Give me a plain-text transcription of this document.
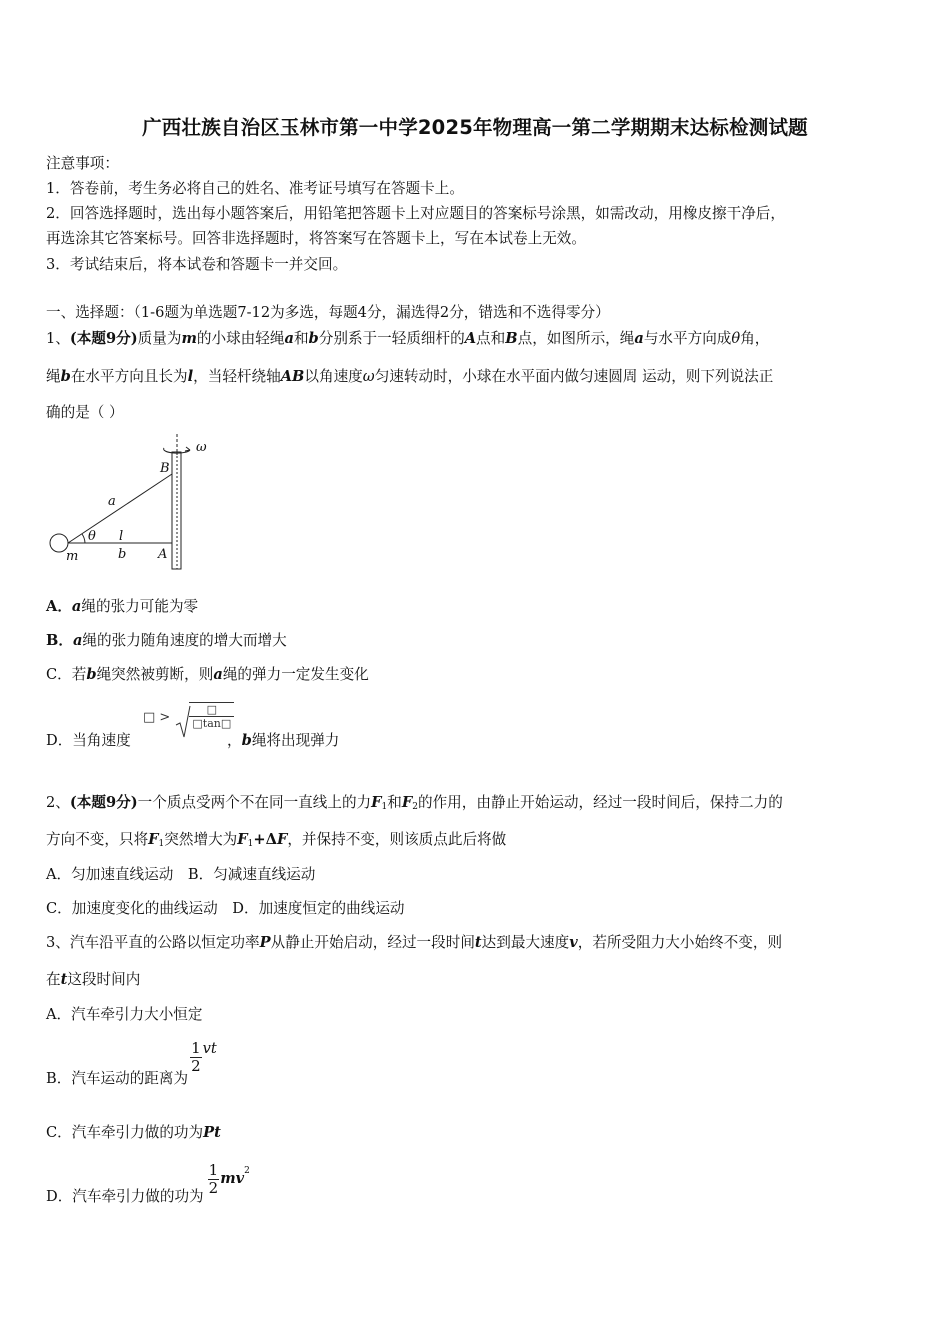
广西壮族自治区玉林市第一中学2025年物理高一第二学期期末达标检测试题
注意事项：
1．答卷前，考生务必将自己的姓名、准考证号填写在答题卡上。
2．回答选择题时，选出每小题答案后，用铅笔把答题卡上对应题目的答案标号涂黑，如需改动，用橡皮擦干净后，
再选涂其它答案标号。回答非选择题时，将答案写在答题卡上，写在本试卷上无效。
3．考试结束后，将本试卷和答题卡一并交回。
一、选择题：（1-6题为单选题7-12为多选，每题4分，漏选得2分，错选和不选得零分）
1、(本题9分)质量为m的小球由轻绳a和b分别系于一轻质细杆的A点和B点，如图所示，绳a与水平方向成θ角，
绳b在水平方向且长为l，当轻杆绕轴AB以角速度ω匀速转动时，小球在水平面内做匀速圆周 运动，则下列说法正
确的是（ ）
ω
B
a
θ l
m	b A
A．a绳的张力可能为零
B．a绳的张力随角速度的增大而增大
C．若b绳突然被剪断，则a绳的弹力一定发生变化
D．当角速度
□ >	□
□tan□
，b绳将出现弹力
2、(本题9分)一个质点受两个不在同一直线上的力$F_1$和$F_2$的作用，由静止开始运动，经过一段时间后，保持二力的
方向不变，只将$F_1$突然增大为$F_1+\Delta F$，并保持不变，则该质点此后将做
A．匀加速直线运动　B．匀减速直线运动
C．加速度变化的曲线运动　D．加速度恒定的曲线运动
3、汽车沿平直的公路以恒定功率P从静止开始启动，经过一段时间t达到最大速度v，若所受阻力大小始终不变，则
在t这段时间内
A．汽车牵引力大小恒定
B．汽车运动的距离为
$\frac{1}{2}$ vt
C．汽车牵引力做的功为Pt
D．汽车牵引力做的功为
$\frac{1}{2} mv^2$
